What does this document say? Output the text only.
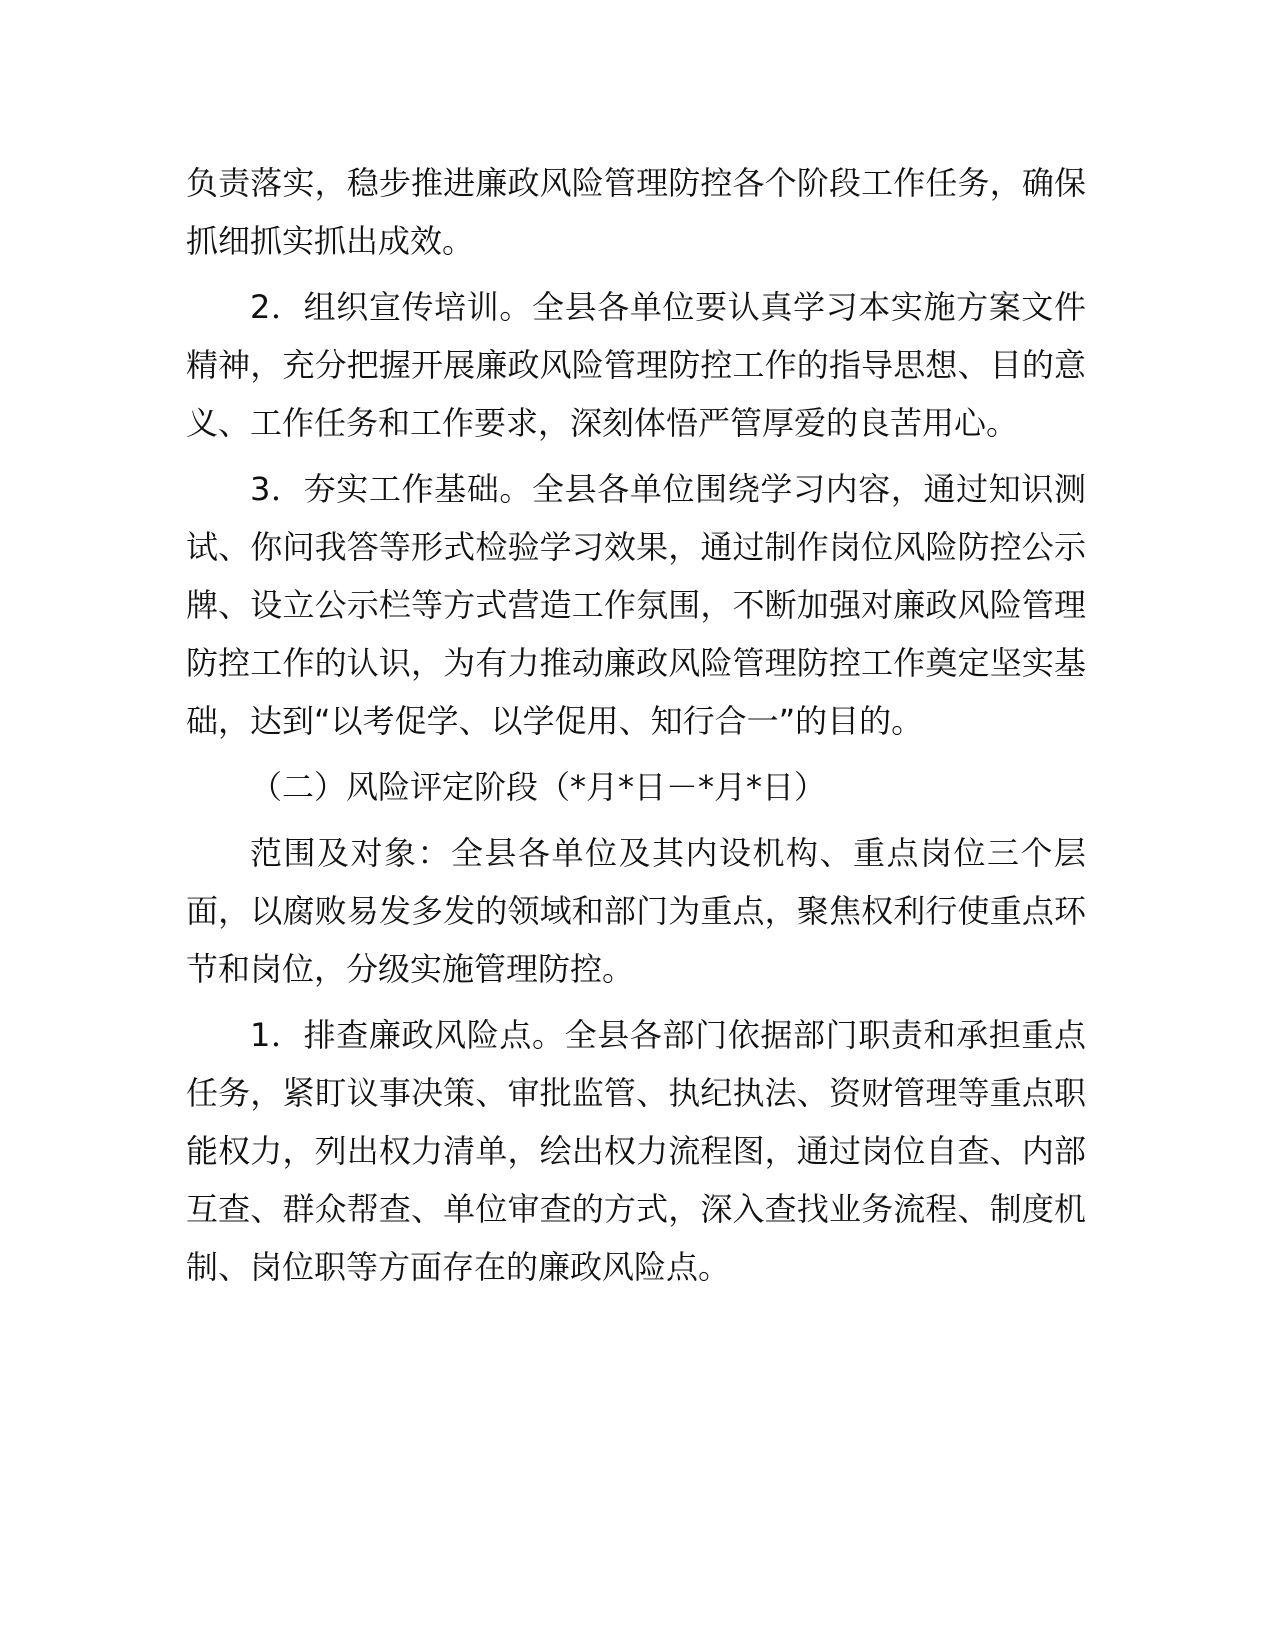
负责落实，稳步推进廉政风险管理防控各个阶段工作任务，确保抓细抓实抓出成效。

2．组织宣传培训。全县各单位要认真学习本实施方案文件精神，充分把握开展廉政风险管理防控工作的指导思想、目的意义、工作任务和工作要求，深刻体悟严管厚爱的良苦用心。

3．夯实工作基础。全县各单位围绕学习内容，通过知识测试、你问我答等形式检验学习效果，通过制作岗位风险防控公示牌、设立公示栏等方式营造工作氛围，不断加强对廉政风险管理防控工作的认识，为有力推动廉政风险管理防控工作奠定坚实基础，达到“以考促学、以学促用、知行合一”的目的。

（二）风险评定阶段（*月*日－*月*日）

范围及对象：全县各单位及其内设机构、重点岗位三个层面，以腐败易发多发的领域和部门为重点，聚焦权利行使重点环节和岗位，分级实施管理防控。

1．排查廉政风险点。全县各部门依据部门职责和承担重点任务，紧盯议事决策、审批监管、执纪执法、资财管理等重点职能权力，列出权力清单，绘出权力流程图，通过岗位自查、内部互查、群众帮查、单位审查的方式，深入查找业务流程、制度机制、岗位职等方面存在的廉政风险点。
